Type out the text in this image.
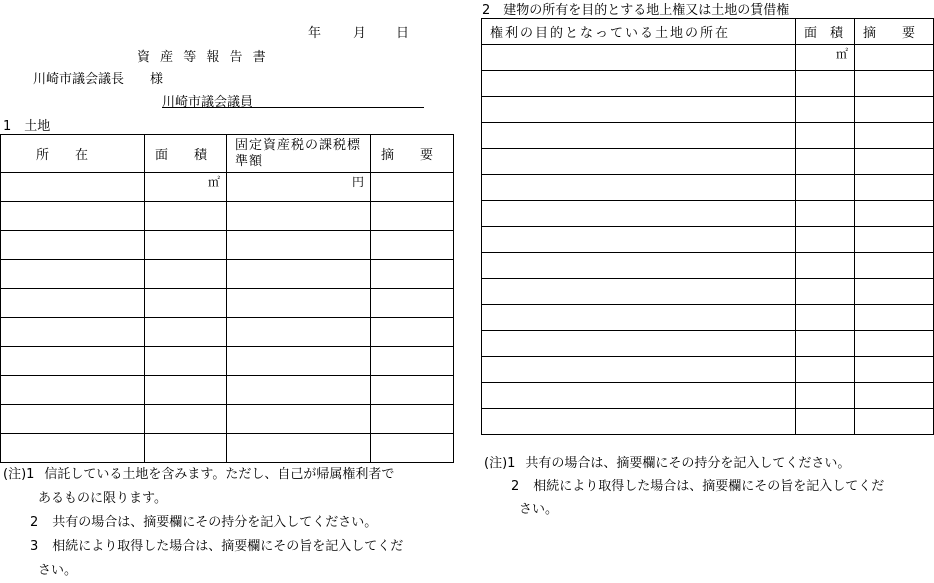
年 月 日
資 産 等 報 告 書
川崎市議会議長 様
川崎市議会議員
1　土地
所　　在	面　　積	固定資産税の課税標準額	摘　　要
	㎡	円	

(注)1 信託している土地を含みます。ただし、自己が帰属権利者で
あるものに限ります。
2 共有の場合は、摘要欄にその持分を記入してください。
3 相続により取得した場合は、摘要欄にその旨を記入してくだ
さい。
2　建物の所有を目的とする地上権又は土地の賃借権
権利の目的となっている土地の所在	面　積	摘　　要
	㎡	

(注)1 共有の場合は、摘要欄にその持分を記入してください。
2 相続により取得した場合は、摘要欄にその旨を記入してくだ
さい。
